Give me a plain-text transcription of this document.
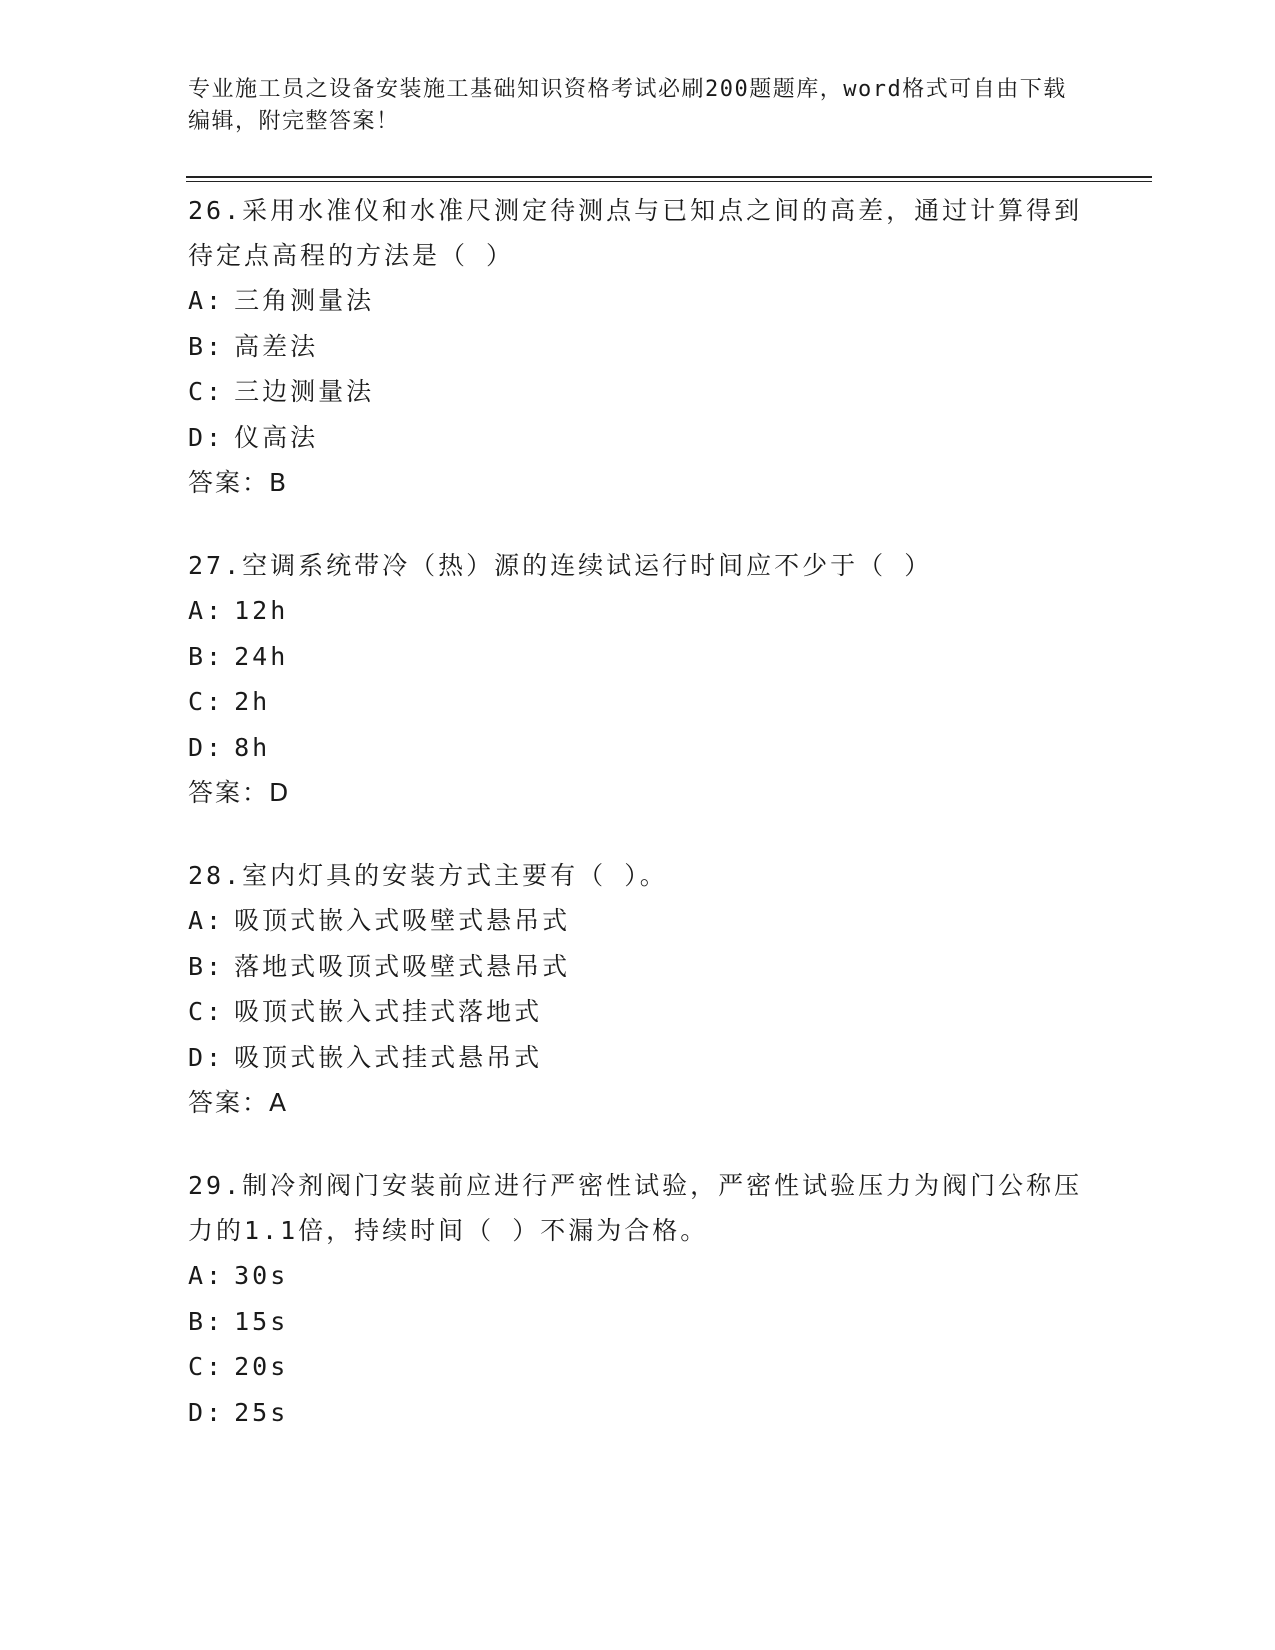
专业施工员之设备安装施工基础知识资格考试必刷200题题库，word格式可自由下载编辑，附完整答案！

26.采用水准仪和水准尺测定待测点与已知点之间的高差，通过计算得到待定点高程的方法是（ ）

A: 三角测量法

B: 高差法

C: 三边测量法

D: 仪高法

答案：B

27.空调系统带冷（热）源的连续试运行时间应不少于（ ）

A: 12h

B: 24h

C: 2h

D: 8h

答案：D

28.室内灯具的安装方式主要有（ ）。

A: 吸顶式嵌入式吸壁式悬吊式

B: 落地式吸顶式吸壁式悬吊式

C: 吸顶式嵌入式挂式落地式

D: 吸顶式嵌入式挂式悬吊式

答案：A

29.制冷剂阀门安装前应进行严密性试验，严密性试验压力为阀门公称压力的1.1倍，持续时间（ ）不漏为合格。

A: 30s

B: 15s

C: 20s

D: 25s
